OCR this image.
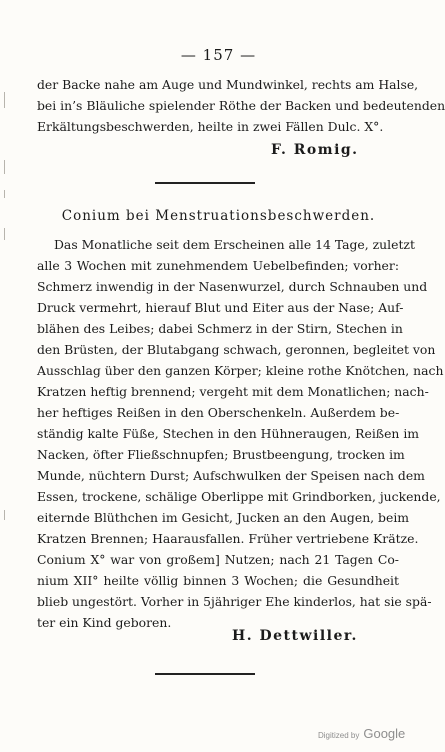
— 157 —
der Backe nahe am Auge und Mundwinkel, rechts am Halse,
bei in’s Bläuliche spielender Röthe der Backen und bedeutenden
Erkältungsbeschwerden, heilte in zwei Fällen Dulc. X°.
F. Romig.
Conium bei Menstruationsbeschwerden.
Das Monatliche seit dem Erscheinen alle 14 Tage, zuletzt
alle 3 Wochen mit zunehmendem Uebelbefinden; vorher:
Schmerz inwendig in der Nasenwurzel, durch Schnauben und
Druck vermehrt, hierauf Blut und Eiter aus der Nase; Auf-
blähen des Leibes; dabei Schmerz in der Stirn, Stechen in
den Brüsten, der Blutabgang schwach, geronnen, begleitet von
Ausschlag über den ganzen Körper; kleine rothe Knötchen, nach
Kratzen heftig brennend; vergeht mit dem Monatlichen; nach-
her heftiges Reißen in den Oberschenkeln. Außerdem be-
ständig kalte Füße, Stechen in den Hühneraugen, Reißen im
Nacken, öfter Fließschnupfen; Brustbeengung, trocken im
Munde, nüchtern Durst; Aufschwulken der Speisen nach dem
Essen, trockene, schälige Oberlippe mit Grindborken, juckende,
eiternde Blüthchen im Gesicht, Jucken an den Augen, beim
Kratzen Brennen; Haarausfallen. Früher vertriebene Krätze.
Conium X° war von großem] Nutzen; nach 21 Tagen Co-
nium XII° heilte völlig binnen 3 Wochen; die Gesundheit
blieb ungestört. Vorher in 5jähriger Ehe kinderlos, hat sie spä-
ter ein Kind geboren.
H. Dettwiller.
Digitized by Google
